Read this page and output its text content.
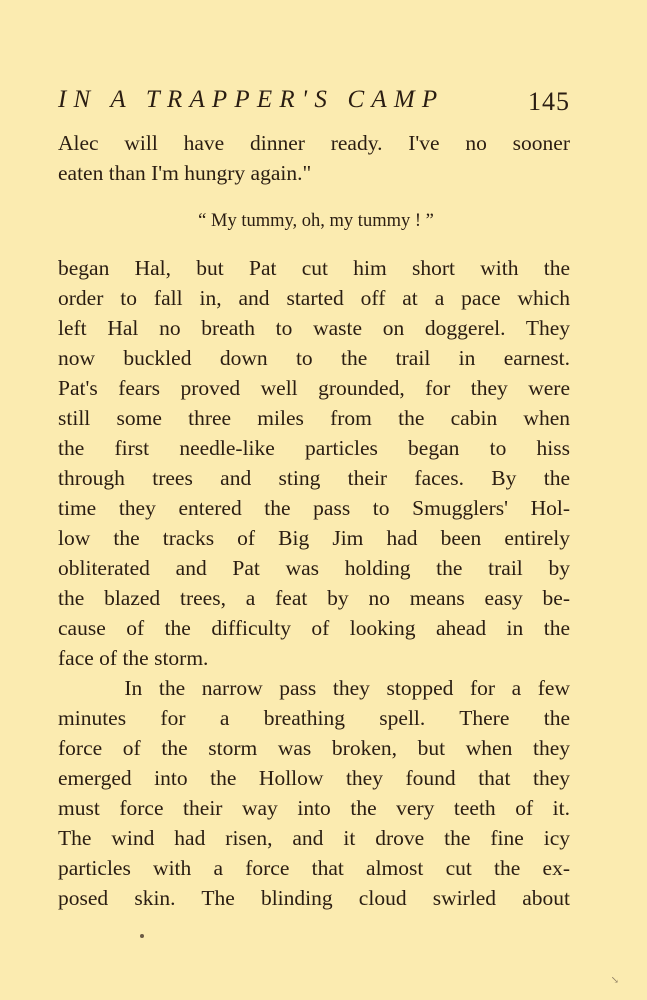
IN A TRAPPER'S CAMP	145
Alec will have dinner ready. I've no sooner
eaten than I'm hungry again."
“ My tummy, oh, my tummy ! ”
began Hal, but Pat cut him short with the
order to fall in, and started off at a pace which
left Hal no breath to waste on doggerel. They
now buckled down to the trail in earnest.
Pat's fears proved well grounded, for they were
still some three miles from the cabin when
the first needle-like particles began to hiss
through trees and sting their faces. By the
time they entered the pass to Smugglers' Hol-
low the tracks of Big Jim had been entirely
obliterated and Pat was holding the trail by
the blazed trees, a feat by no means easy be-
cause of the difficulty of looking ahead in the
face of the storm.
In the narrow pass they stopped for a few
minutes for a breathing spell. There the
force of the storm was broken, but when they
emerged into the Hollow they found that they
must force their way into the very teeth of it.
The wind had risen, and it drove the fine icy
particles with a force that almost cut the ex-
posed skin. The blinding cloud swirled about
↘
